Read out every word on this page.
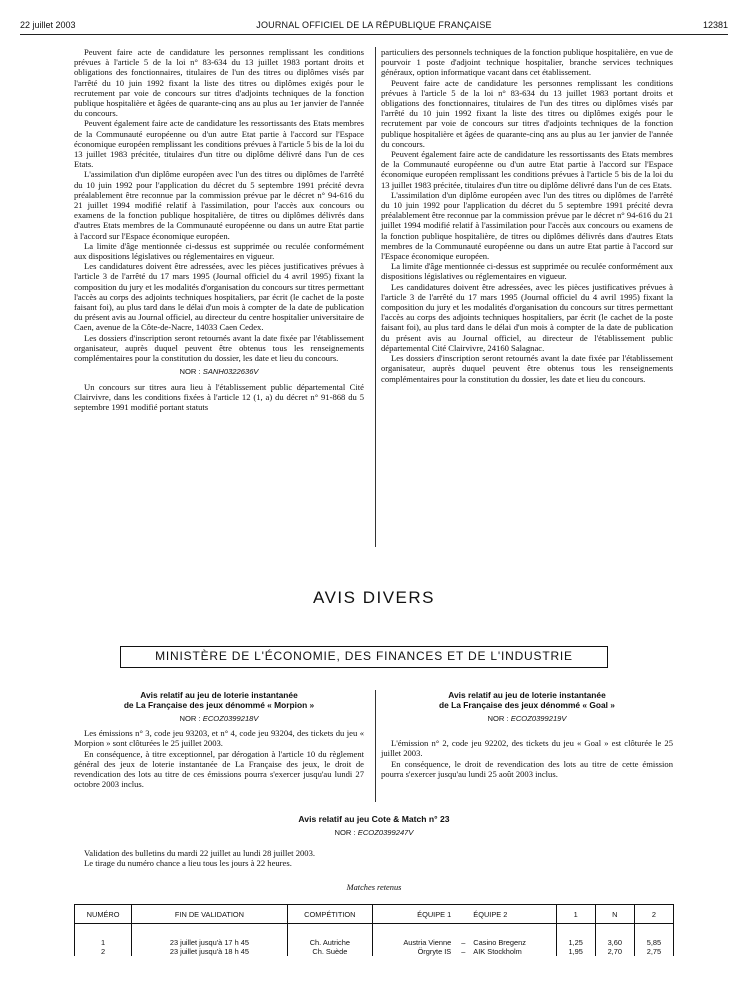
22 juillet 2003	JOURNAL OFFICIEL DE LA RÉPUBLIQUE FRANÇAISE	12381

Peuvent faire acte de candidature les personnes remplissant les conditions prévues à l'article 5 de la loi n° 83-634 du 13 juillet 1983 portant droits et obligations des fonctionnaires, titulaires de l'un des titres ou diplômes visés par l'arrêté du 10 juin 1992 fixant la liste des titres ou diplômes exigés pour le recrutement par voie de concours sur titres d'adjoints techniques de la fonction publique hospitalière et âgées de quarante-cinq ans au plus au 1er janvier de l'année du concours.

Peuvent également faire acte de candidature les ressortissants des Etats membres de la Communauté européenne ou d'un autre Etat partie à l'accord sur l'Espace économique européen remplissant les conditions prévues à l'article 5 bis de la loi du 13 juillet 1983 précitée, titulaires d'un titre ou diplôme délivré dans l'un de ces Etats.

L'assimilation d'un diplôme européen avec l'un des titres ou diplômes de l'arrêté du 10 juin 1992 pour l'application du décret du 5 septembre 1991 précité devra préalablement être reconnue par la commission prévue par le décret n° 94-616 du 21 juillet 1994 modifié relatif à l'assimilation, pour l'accès aux concours ou examens de la fonction publique hospitalière, de titres ou diplômes délivrés dans d'autres Etats membres de la Communauté européenne ou dans un autre Etat partie à l'accord sur l'Espace économique européen.

La limite d'âge mentionnée ci-dessus est supprimée ou reculée conformément aux dispositions législatives ou réglementaires en vigueur.

Les candidatures doivent être adressées, avec les pièces justificatives prévues à l'article 3 de l'arrêté du 17 mars 1995 (Journal officiel du 4 avril 1995) fixant la composition du jury et les modalités d'organisation du concours sur titres permettant l'accès au corps des adjoints techniques hospitaliers, par écrit (le cachet de la poste faisant foi), au plus tard dans le délai d'un mois à compter de la date de publication du présent avis au Journal officiel, au directeur du centre hospitalier universitaire de Caen, avenue de la Côte-de-Nacre, 14033 Caen Cedex.

Les dossiers d'inscription seront retournés avant la date fixée par l'établissement organisateur, auprès duquel peuvent être obtenus tous les renseignements complémentaires pour la constitution du dossier, les date et lieu du concours.

NOR : SANH0322636V

Un concours sur titres aura lieu à l'établissement public départemental Cité Clairvivre, dans les conditions fixées à l'article 12 (1, a) du décret n° 91-868 du 5 septembre 1991 modifié portant statuts

particuliers des personnels techniques de la fonction publique hospitalière, en vue de pourvoir 1 poste d'adjoint technique hospitalier, branche services techniques généraux, option informatique vacant dans cet établissement.

Peuvent faire acte de candidature les personnes remplissant les conditions prévues à l'article 5 de la loi n° 83-634 du 13 juillet 1983 portant droits et obligations des fonctionnaires, titulaires de l'un des titres ou diplômes visés par l'arrêté du 10 juin 1992 fixant la liste des titres ou diplômes exigés pour le recrutement par voie de concours sur titres d'adjoints techniques de la fonction publique hospitalière et âgées de quarante-cinq ans au plus au 1er janvier de l'année du concours.

Peuvent également faire acte de candidature les ressortissants des Etats membres de la Communauté européenne ou d'un autre Etat partie à l'accord sur l'Espace économique européen remplissant les conditions prévues à l'article 5 bis de la loi du 13 juillet 1983 précitée, titulaires d'un titre ou diplôme délivré dans l'un de ces Etats.

L'assimilation d'un diplôme européen avec l'un des titres ou diplômes de l'arrêté du 10 juin 1992 pour l'application du décret du 5 septembre 1991 précité devra préalablement être reconnue par la commission prévue par le décret n° 94-616 du 21 juillet 1994 modifié relatif à l'assimilation pour l'accès aux concours ou examens de la fonction publique hospitalière, de titres ou diplômes délivrés dans d'autres Etats membres de la Communauté européenne ou dans un autre Etat partie à l'accord sur l'Espace économique européen.

La limite d'âge mentionnée ci-dessus est supprimée ou reculée conformément aux dispositions législatives ou réglementaires en vigueur.

Les candidatures doivent être adressées, avec les pièces justificatives prévues à l'article 3 de l'arrêté du 17 mars 1995 (Journal officiel du 4 avril 1995) fixant la composition du jury et les modalités d'organisation du concours sur titres permettant l'accès au corps des adjoints techniques hospitaliers, par écrit (le cachet de la poste faisant foi), au plus tard dans le délai d'un mois à compter de la date de publication du présent avis au Journal officiel, au directeur de l'établissement public départemental Cité Clairvivre, 24160 Salagnac.

Les dossiers d'inscription seront retournés avant la date fixée par l'établissement organisateur, auprès duquel peuvent être obtenus tous les renseignements complémentaires pour la constitution du dossier, les date et lieu du concours.

AVIS DIVERS
MINISTÈRE DE L'ÉCONOMIE, DES FINANCES ET DE L'INDUSTRIE

Avis relatif au jeu de loterie instantanée

de La Française des jeux dénommé « Morpion »

NOR : ECOZ0399218V

Les émissions n° 3, code jeu 93203, et n° 4, code jeu 93204, des tickets du jeu « Morpion » sont clôturées le 25 juillet 2003.

En conséquence, à titre exceptionnel, par dérogation à l'article 10 du règlement général des jeux de loterie instantanée de La Française des jeux, le droit de revendication des lots au titre de ces émissions pourra s'exercer jusqu'au lundi 27 octobre 2003 inclus.

Avis relatif au jeu de loterie instantanée

de La Française des jeux dénommé « Goal »

NOR : ECOZ0399219V

L'émission n° 2, code jeu 92202, des tickets du jeu « Goal » est clôturée le 25 juillet 2003.

En conséquence, le droit de revendication des lots au titre de cette émission pourra s'exercer jusqu'au lundi 25 août 2003 inclus.

Avis relatif au jeu Cote & Match n° 23

NOR : ECOZ0399247V

Validation des bulletins du mardi 22 juillet au lundi 28 juillet 2003.

Le tirage du numéro chance a lieu tous les jours à 22 heures.

Matches retenus
NUMÉRO	FIN DE VALIDATION	COMPÉTITION	ÉQUIPE 1		ÉQUIPE 2	1	N	2
1	23 juillet jusqu'à 17 h 45	Ch. Autriche	Austria Vienne	–	Casino Bregenz	1,25	3,60	5,85
2	23 juillet jusqu'à 18 h 45	Ch. Suède	Örgryte IS	–	AIK Stockholm	1,95	2,70	2,75
